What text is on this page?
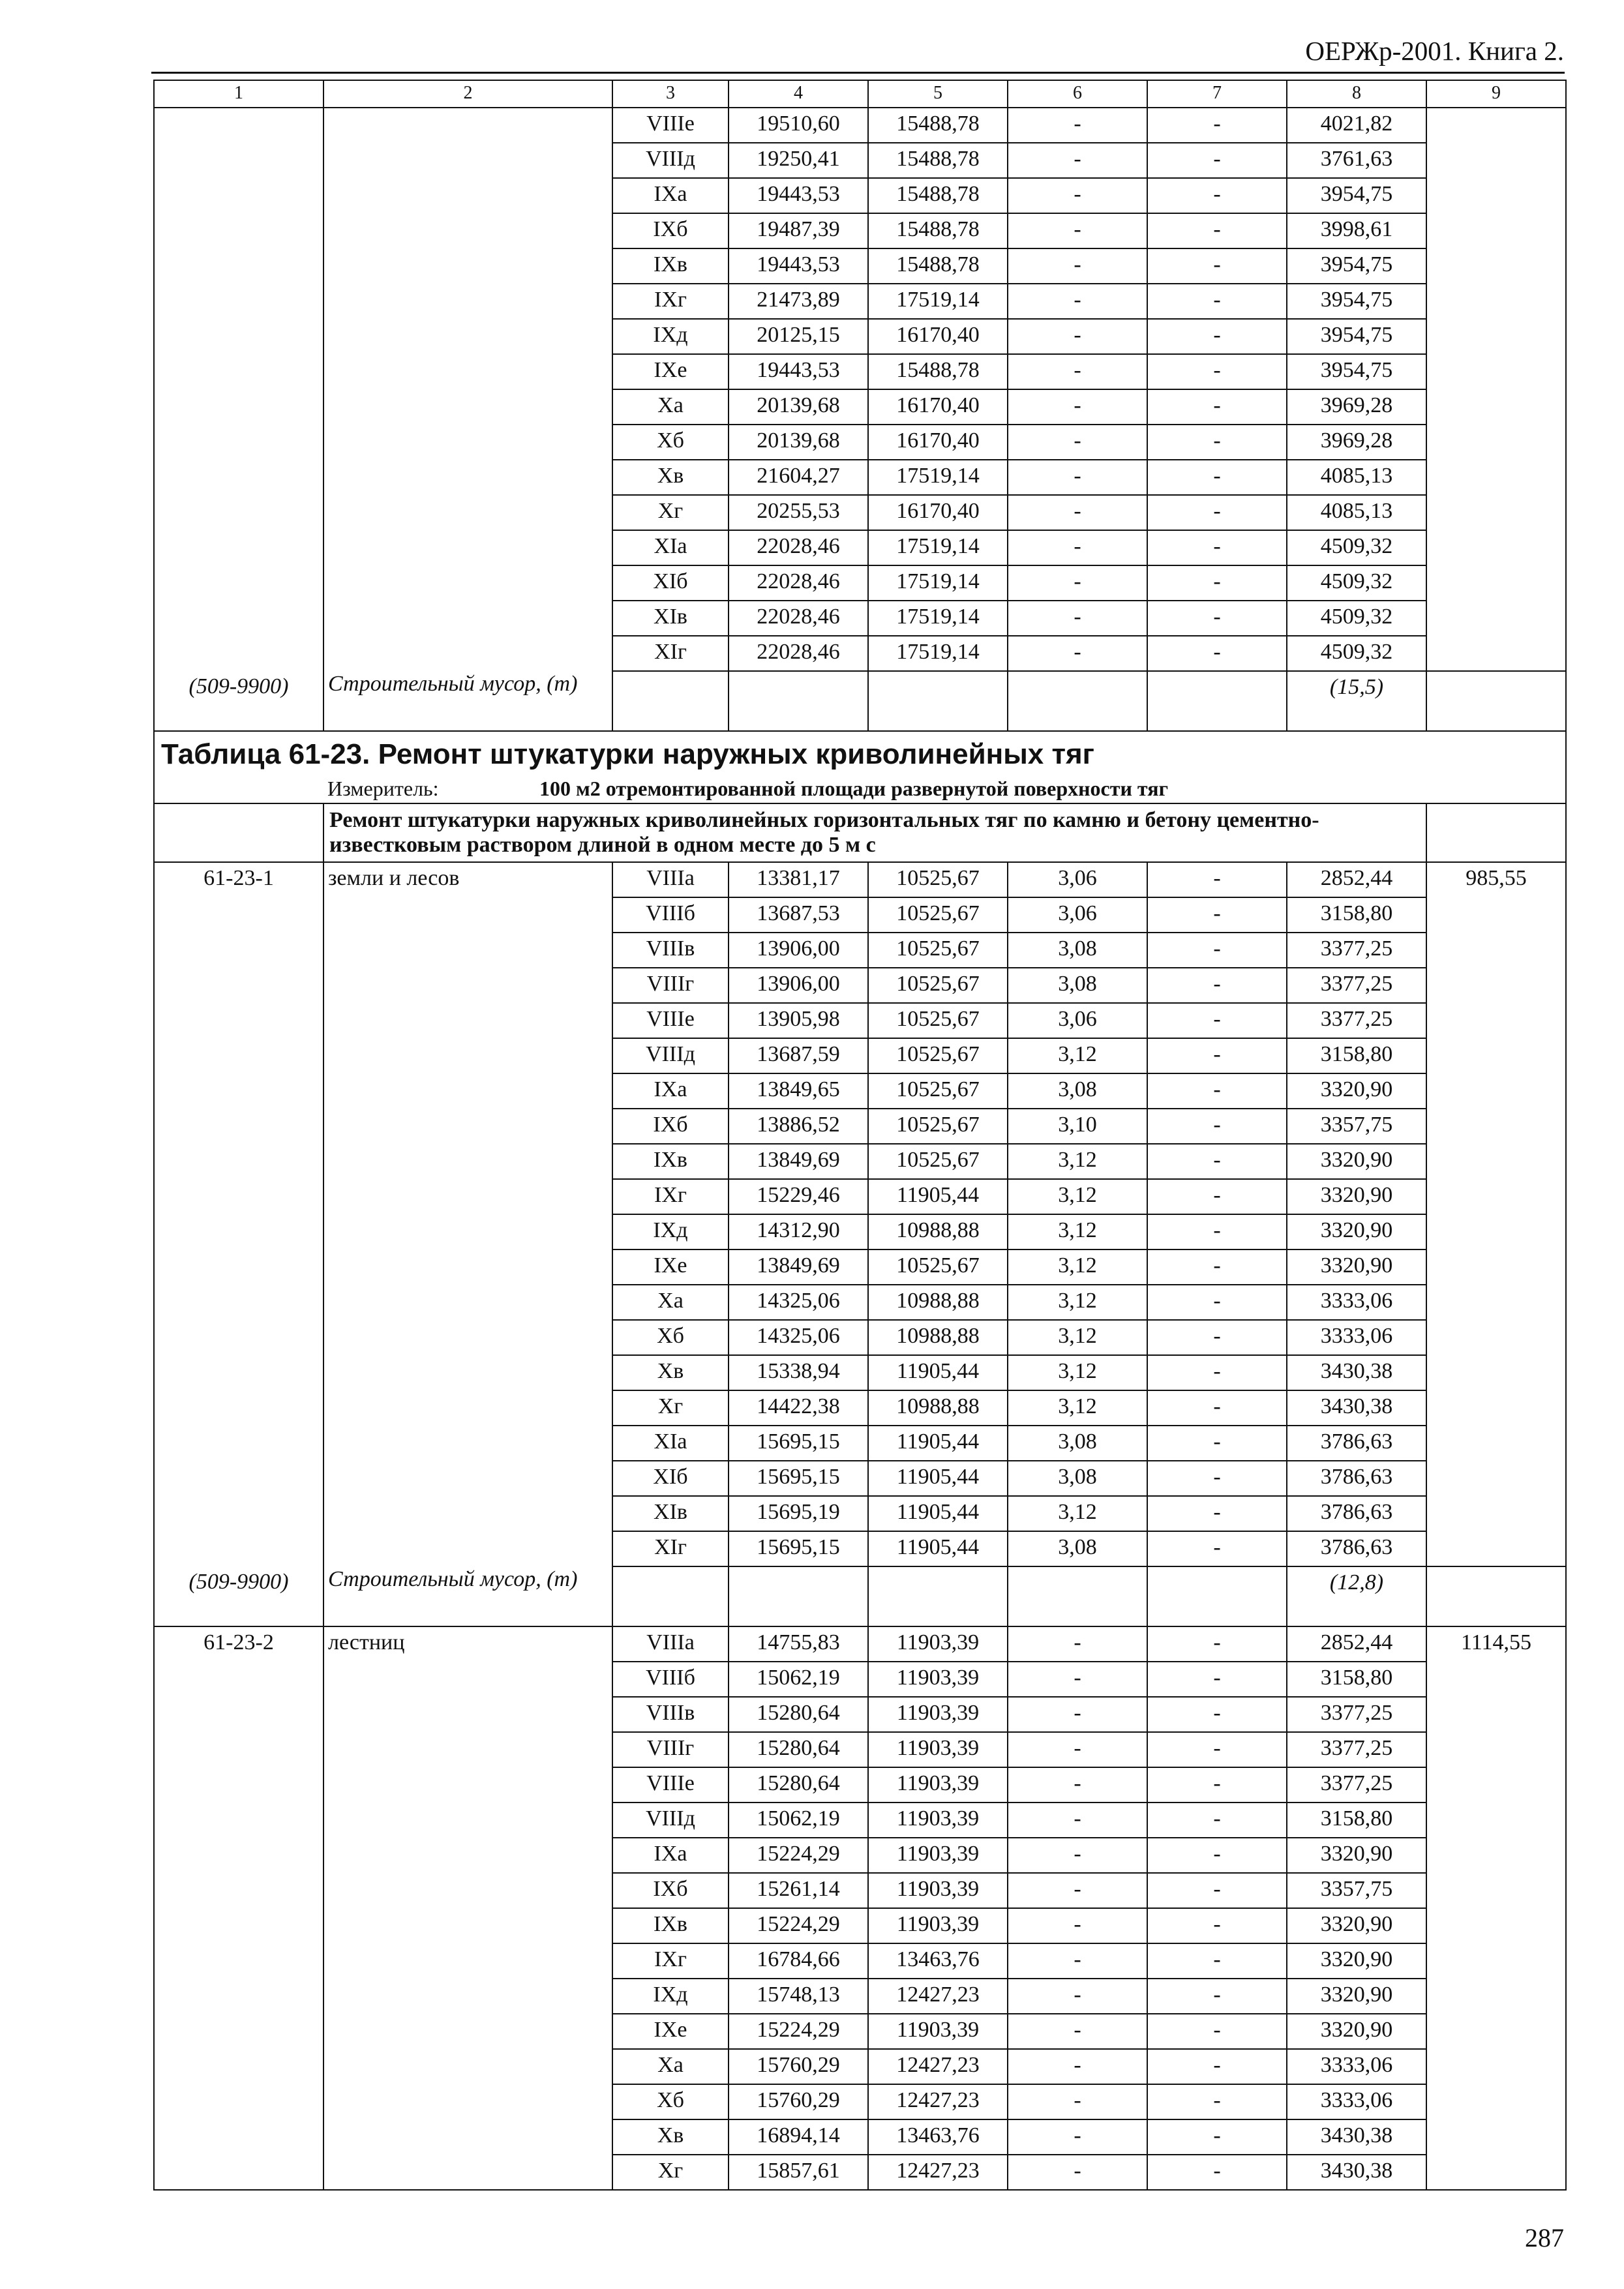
ОЕРЖр-2001. Книга 2.
1	2	3	4	5	6	7	8	9
		VIIIе	19510,60	15488,78	-	-	4021,82	
		VIIIд	19250,41	15488,78	-	-	3761,63	
		IXа	19443,53	15488,78	-	-	3954,75	
		IXб	19487,39	15488,78	-	-	3998,61	
		IXв	19443,53	15488,78	-	-	3954,75	
		IXг	21473,89	17519,14	-	-	3954,75	
		IXд	20125,15	16170,40	-	-	3954,75	
		IXе	19443,53	15488,78	-	-	3954,75	
		Xа	20139,68	16170,40	-	-	3969,28	
		Xб	20139,68	16170,40	-	-	3969,28	
		Xв	21604,27	17519,14	-	-	4085,13	
		Xг	20255,53	16170,40	-	-	4085,13	
		XIа	22028,46	17519,14	-	-	4509,32	
		XIб	22028,46	17519,14	-	-	4509,32	
		XIв	22028,46	17519,14	-	-	4509,32	
		XIг	22028,46	17519,14	-	-	4509,32	
(509-9900)	Строительный мусор, (т)						(15,5)	

Таблица 61-23. Ремонт штукатурки наружных криволинейных тяг
Измеритель: 100 м2 отремонтированной площади развернутой поверхности тяг								

	Ремонт штукатурки наружных криволинейных горизонтальных тяг по камню и бетону цементно-известковым раствором длиной в одном месте до 5 м с							
61-23-1	земли и лесов	VIIIа	13381,17	10525,67	3,06	-	2852,44	985,55
		VIIIб	13687,53	10525,67	3,06	-	3158,80	
		VIIIв	13906,00	10525,67	3,08	-	3377,25	
		VIIIг	13906,00	10525,67	3,08	-	3377,25	
		VIIIе	13905,98	10525,67	3,06	-	3377,25	
		VIIIд	13687,59	10525,67	3,12	-	3158,80	
		IXа	13849,65	10525,67	3,08	-	3320,90	
		IXб	13886,52	10525,67	3,10	-	3357,75	
		IXв	13849,69	10525,67	3,12	-	3320,90	
		IXг	15229,46	11905,44	3,12	-	3320,90	
		IXд	14312,90	10988,88	3,12	-	3320,90	
		IXе	13849,69	10525,67	3,12	-	3320,90	
		Xа	14325,06	10988,88	3,12	-	3333,06	
		Xб	14325,06	10988,88	3,12	-	3333,06	
		Xв	15338,94	11905,44	3,12	-	3430,38	
		Xг	14422,38	10988,88	3,12	-	3430,38	
		XIа	15695,15	11905,44	3,08	-	3786,63	
		XIб	15695,15	11905,44	3,08	-	3786,63	
		XIв	15695,19	11905,44	3,12	-	3786,63	
		XIг	15695,15	11905,44	3,08	-	3786,63	
(509-9900)	Строительный мусор, (т)						(12,8)	
61-23-2	лестниц	VIIIа	14755,83	11903,39	-	-	2852,44	1114,55
		VIIIб	15062,19	11903,39	-	-	3158,80	
		VIIIв	15280,64	11903,39	-	-	3377,25	
		VIIIг	15280,64	11903,39	-	-	3377,25	
		VIIIе	15280,64	11903,39	-	-	3377,25	
		VIIIд	15062,19	11903,39	-	-	3158,80	
		IXа	15224,29	11903,39	-	-	3320,90	
		IXб	15261,14	11903,39	-	-	3357,75	
		IXв	15224,29	11903,39	-	-	3320,90	
		IXг	16784,66	13463,76	-	-	3320,90	
		IXд	15748,13	12427,23	-	-	3320,90	
		IXе	15224,29	11903,39	-	-	3320,90	
		Xа	15760,29	12427,23	-	-	3333,06	
		Xб	15760,29	12427,23	-	-	3333,06	
		Xв	16894,14	13463,76	-	-	3430,38	
		Xг	15857,61	12427,23	-	-	3430,38	
287
